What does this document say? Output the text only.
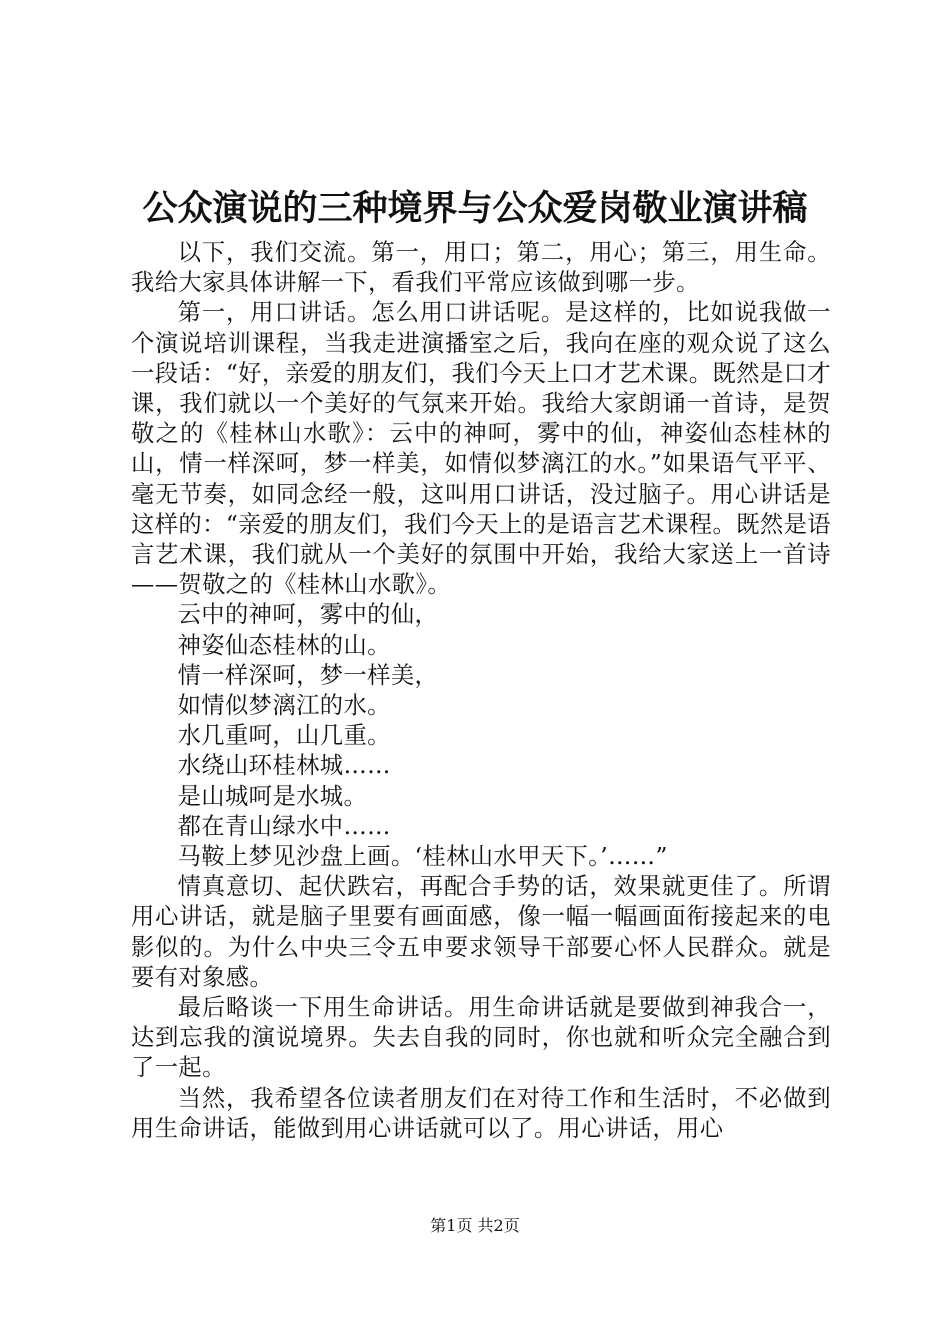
公众演说的三种境界与公众爱岗敬业演讲稿

以下，我们交流。第一，用口；第二，用心；第三，用生命。我给大家具体讲解一下，看我们平常应该做到哪一步。

第一，用口讲话。怎么用口讲话呢。是这样的，比如说我做一个演说培训课程，当我走进演播室之后，我向在座的观众说了这么一段话：“好，亲爱的朋友们，我们今天上口才艺术课。既然是口才课，我们就以一个美好的气氛来开始。我给大家朗诵一首诗，是贺敬之的《桂林山水歌》：云中的神呵，雾中的仙，神姿仙态桂林的山，情一样深呵，梦一样美，如情似梦漓江的水。”如果语气平平、毫无节奏，如同念经一般，这叫用口讲话，没过脑子。用心讲话是这样的：“亲爱的朋友们，我们今天上的是语言艺术课程。既然是语言艺术课，我们就从一个美好的氛围中开始，我给大家送上一首诗——贺敬之的《桂林山水歌》。

云中的神呵，雾中的仙，

神姿仙态桂林的山。

情一样深呵，梦一样美，

如情似梦漓江的水。

水几重呵，山几重。

水绕山环桂林城……

是山城呵是水城。

都在青山绿水中……

马鞍上梦见沙盘上画。‘桂林山水甲天下。’……”

情真意切、起伏跌宕，再配合手势的话，效果就更佳了。所谓用心讲话，就是脑子里要有画面感，像一幅一幅画面衔接起来的电影似的。为什么中央三令五申要求领导干部要心怀人民群众。就是要有对象感。

最后略谈一下用生命讲话。用生命讲话就是要做到神我合一，达到忘我的演说境界。失去自我的同时，你也就和听众完全融合到了一起。

当然，我希望各位读者朋友们在对待工作和生活时，不必做到用生命讲话，能做到用心讲话就可以了。用心讲话，用心

第1页 共2页
